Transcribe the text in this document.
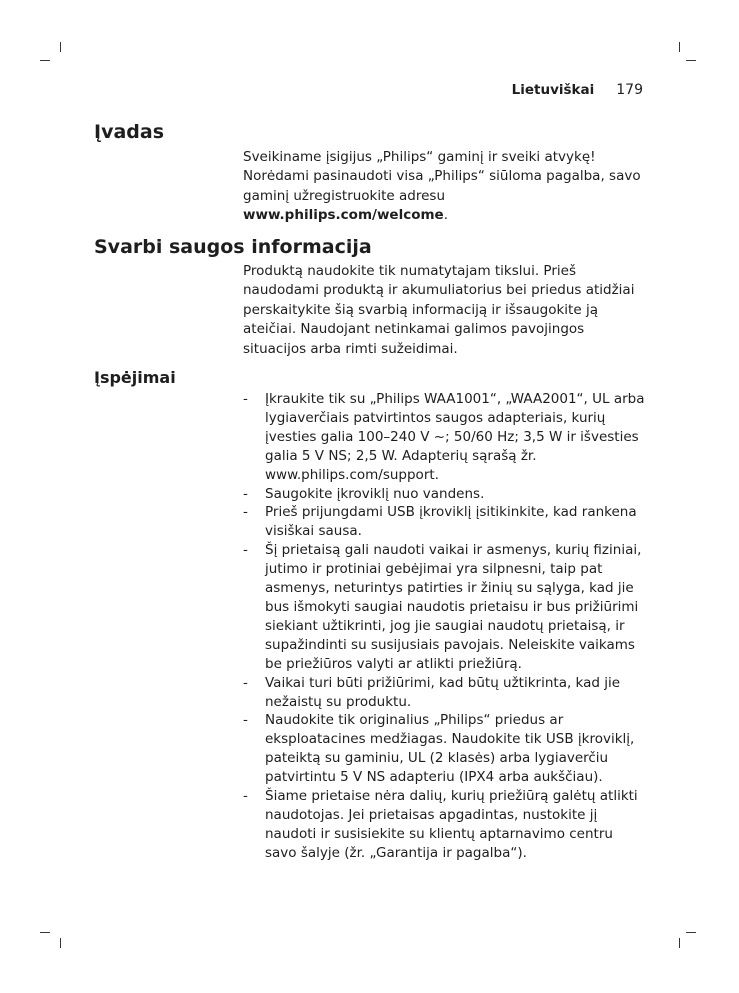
Lietuviškai 179
Įvadas

Sveikiname įsigijus „Philips“ gaminį ir sveiki atvykę! Norėdami pasinaudoti visa „Philips“ siūloma pagalba, savo gaminį užregistruokite adresu www.philips.com/welcome.

Svarbi saugos informacija

Produktą naudokite tik numatytajam tikslui. Prieš naudodami produktą ir akumuliatorius bei priedus atidžiai perskaitykite šią svarbią informaciją ir išsaugokite ją ateičiai. Naudojant netinkamai galimos pavojingos situacijos arba rimti sužeidimai.

Įspėjimai
- Įkraukite tik su „Philips WAA1001“, „WAA2001“, UL arba lygiaverčiais patvirtintos saugos adapteriais, kurių įvesties galia 100–240 V ~; 50/60 Hz; 3,5 W ir išvesties galia 5 V NS; 2,5 W. Adapterių sąrašą žr. www.philips.com/support.
- Saugokite įkroviklį nuo vandens.
- Prieš prijungdami USB įkroviklį įsitikinkite, kad rankena visiškai sausa.
- Šį prietaisą gali naudoti vaikai ir asmenys, kurių fiziniai, jutimo ir protiniai gebėjimai yra silpnesni, taip pat asmenys, neturintys patirties ir žinių su sąlyga, kad jie bus išmokyti saugiai naudotis prietaisu ir bus prižiūrimi siekiant užtikrinti, jog jie saugiai naudotų prietaisą, ir supažindinti su susijusiais pavojais. Neleiskite vaikams be priežiūros valyti ar atlikti priežiūrą.
- Vaikai turi būti prižiūrimi, kad būtų užtikrinta, kad jie nežaistų su produktu.
- Naudokite tik originalius „Philips“ priedus ar eksploatacines medžiagas. Naudokite tik USB įkroviklį, pateiktą su gaminiu, UL (2 klasės) arba lygiaverčiu patvirtintu 5 V NS adapteriu (IPX4 arba aukščiau).
- Šiame prietaise nėra dalių, kurių priežiūrą galėtų atlikti naudotojas. Jei prietaisas apgadintas, nustokite jį naudoti ir susisiekite su klientų aptarnavimo centru savo šalyje (žr. „Garantija ir pagalba“).
